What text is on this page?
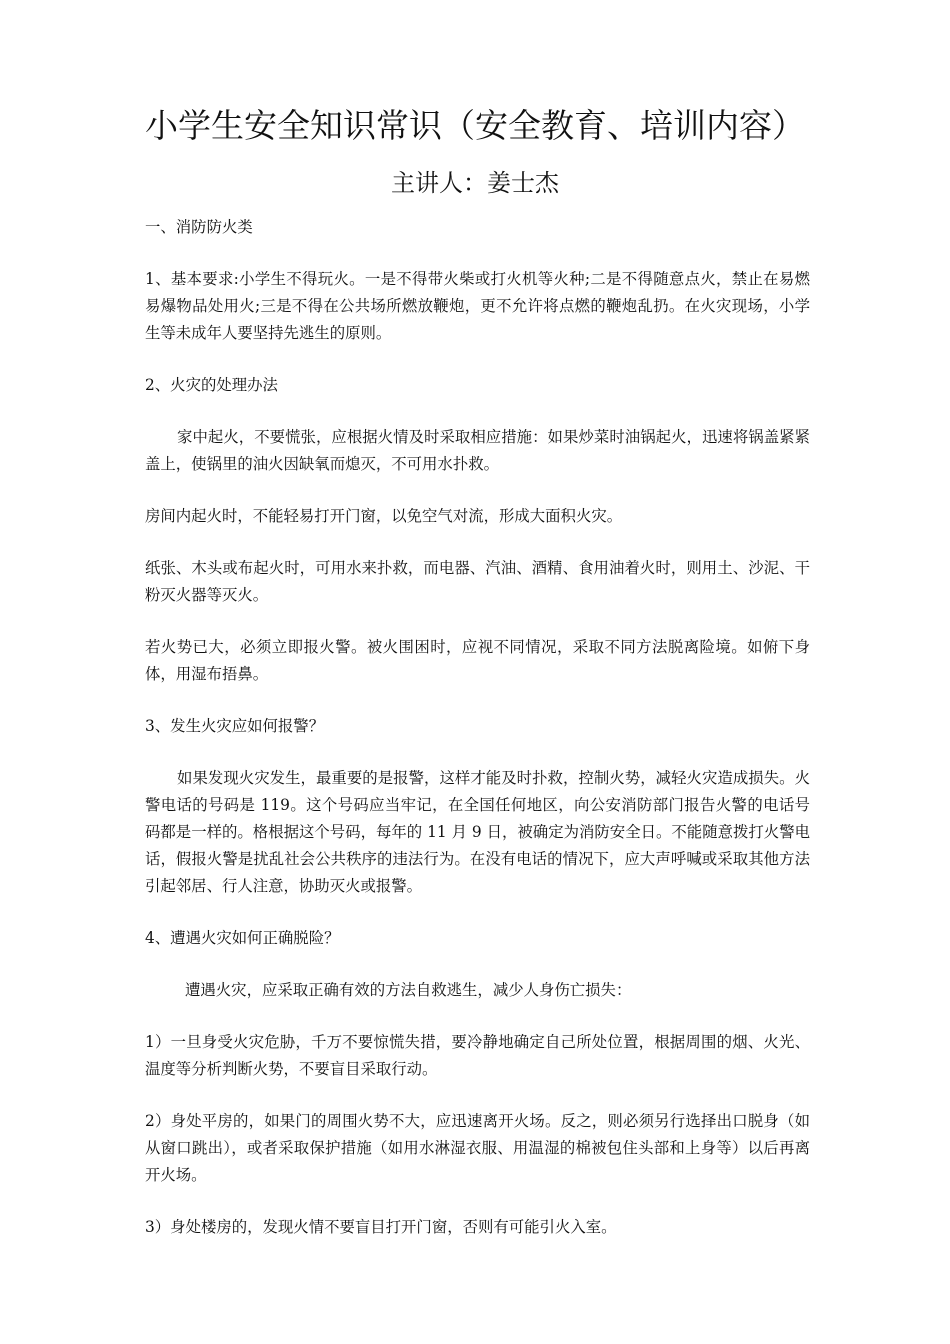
小学生安全知识常识（安全教育、培训内容）
主讲人：姜士杰

一、消防防火类

1、基本要求:小学生不得玩火。一是不得带火柴或打火机等火种;二是不得随意点火，禁止在易燃易爆物品处用火;三是不得在公共场所燃放鞭炮，更不允许将点燃的鞭炮乱扔。在火灾现场，小学生等未成年人要坚持先逃生的原则。

2、火灾的处理办法

家中起火，不要慌张，应根据火情及时采取相应措施：如果炒菜时油锅起火，迅速将锅盖紧紧盖上，使锅里的油火因缺氧而熄灭，不可用水扑救。

房间内起火时，不能轻易打开门窗，以免空气对流，形成大面积火灾。

纸张、木头或布起火时，可用水来扑救，而电器、汽油、酒精、食用油着火时，则用土、沙泥、干粉灭火器等灭火。

若火势已大，必须立即报火警。被火围困时，应视不同情况，采取不同方法脱离险境。如俯下身体，用湿布捂鼻。

3、发生火灾应如何报警？

如果发现火灾发生，最重要的是报警，这样才能及时扑救，控制火势，减轻火灾造成损失。火警电话的号码是 119。这个号码应当牢记，在全国任何地区，向公安消防部门报告火警的电话号码都是一样的。格根据这个号码，每年的 11 月 9 日，被确定为消防安全日。不能随意拨打火警电话，假报火警是扰乱社会公共秩序的违法行为。在没有电话的情况下，应大声呼喊或采取其他方法引起邻居、行人注意，协助灭火或报警。

4、遭遇火灾如何正确脱险？

遭遇火灾，应采取正确有效的方法自救逃生，减少人身伤亡损失：

1）一旦身受火灾危胁，千万不要惊慌失措，要冷静地确定自己所处位置，根据周围的烟、火光、温度等分析判断火势，不要盲目采取行动。

2）身处平房的，如果门的周围火势不大，应迅速离开火场。反之，则必须另行选择出口脱身（如从窗口跳出），或者采取保护措施（如用水淋湿衣服、用温湿的棉被包住头部和上身等）以后再离开火场。

3）身处楼房的，发现火情不要盲目打开门窗，否则有可能引火入室。
